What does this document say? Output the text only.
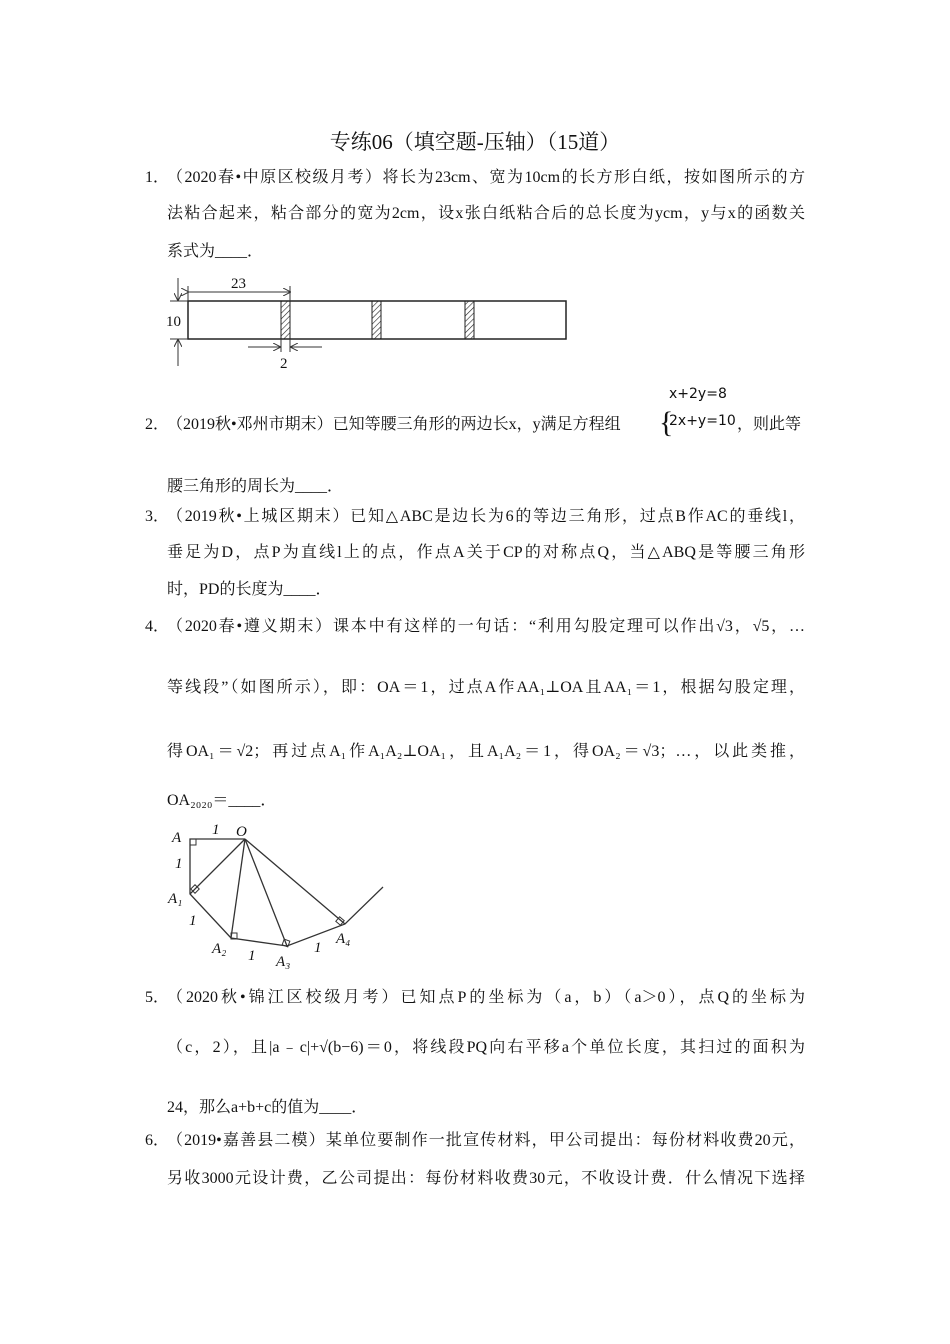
专练06（填空题-压轴）（15道）
1．
（2020春•中原区校级月考）将长为23cm、宽为10cm的长方形白纸，按如图所示的方
法粘合起来，粘合部分的宽为2cm，设x张白纸粘合后的总长度为ycm，y与x的函数关
系式为____．
23
10
2
A	O
A₁
A₂
A₃
A₄
1
1
1
1	1
2．
（2019秋•邓州市期末）已知等腰三角形的两边长x，y满足方程组 {
x+2y=8
2x+y=10 ，则此等
腰三角形的周长为____．
3．
（2019秋•上城区期末）已知△ABC是边长为6的等边三角形，过点B作AC的垂线l，
垂足为D，点P为直线l上的点，作点A关于CP的对称点Q，当△ABQ是等腰三角形
时，PD的长度为____．
4．
（2020春•遵义期末）课本中有这样的一句话：“利用勾股定理可以作出√3，√5，…
等线段”（如图所示），即：OA＝1，过点A作AA₁⊥OA且AA₁＝1，根据勾股定理，
得OA₁＝√2；再过点A₁作A₁A₂⊥OA₁，且A₁A₂＝1，得OA₂＝√3；…，以此类推，
OA₂₀₂₀＝____．
5．
（2020秋•锦江区校级月考）已知点P的坐标为（a，b）（a＞0），点Q的坐标为
（c，2），且|a﹣c|+√(b−6)＝0，将线段PQ向右平移a个单位长度，其扫过的面积为
24，那么a+b+c的值为____．
6．
（2019•嘉善县二模）某单位要制作一批宣传材料，甲公司提出：每份材料收费20元，
另收3000元设计费，乙公司提出：每份材料收费30元，不收设计费．什么情况下选择
